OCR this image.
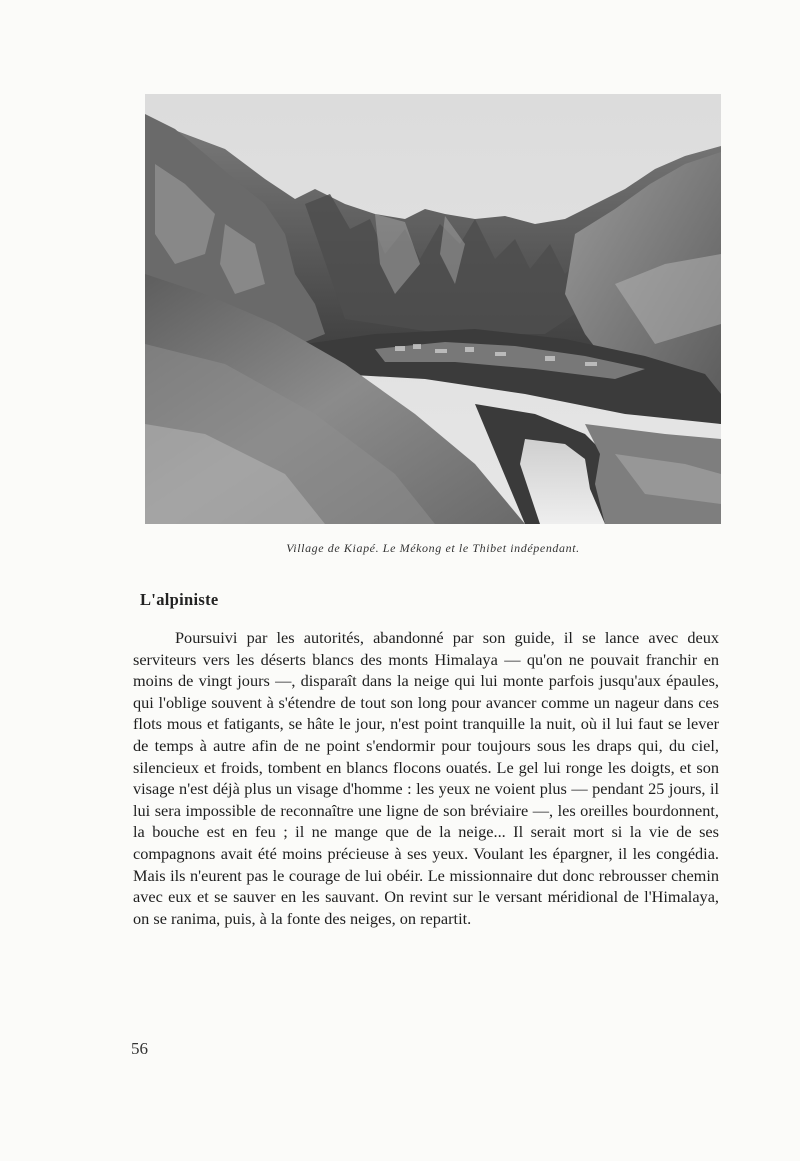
Village de Kiapé. Le Mékong et le Thibet indépendant.
L'alpiniste

Poursuivi par les autorités, abandonné par son guide, il se lance avec deux serviteurs vers les déserts blancs des monts Himalaya — qu'on ne pouvait franchir en moins de vingt jours —, disparaît dans la neige qui lui monte parfois jusqu'aux épaules, qui l'oblige souvent à s'étendre de tout son long pour avancer comme un nageur dans ces flots mous et fatigants, se hâte le jour, n'est point tranquille la nuit, où il lui faut se lever de temps à autre afin de ne point s'endormir pour toujours sous les draps qui, du ciel, silencieux et froids, tombent en blancs flocons ouatés. Le gel lui ronge les doigts, et son visage n'est déjà plus un visage d'homme : les yeux ne voient plus — pendant 25 jours, il lui sera impossible de reconnaître une ligne de son bréviaire —, les oreilles bourdonnent, la bouche est en feu ; il ne mange que de la neige... Il serait mort si la vie de ses compagnons avait été moins précieuse à ses yeux. Voulant les épargner, il les congédia. Mais ils n'eurent pas le courage de lui obéir. Le missionnaire dut donc rebrousser chemin avec eux et se sauver en les sauvant. On revint sur le versant méridional de l'Himalaya, on se ranima, puis, à la fonte des neiges, on repartit.

56
